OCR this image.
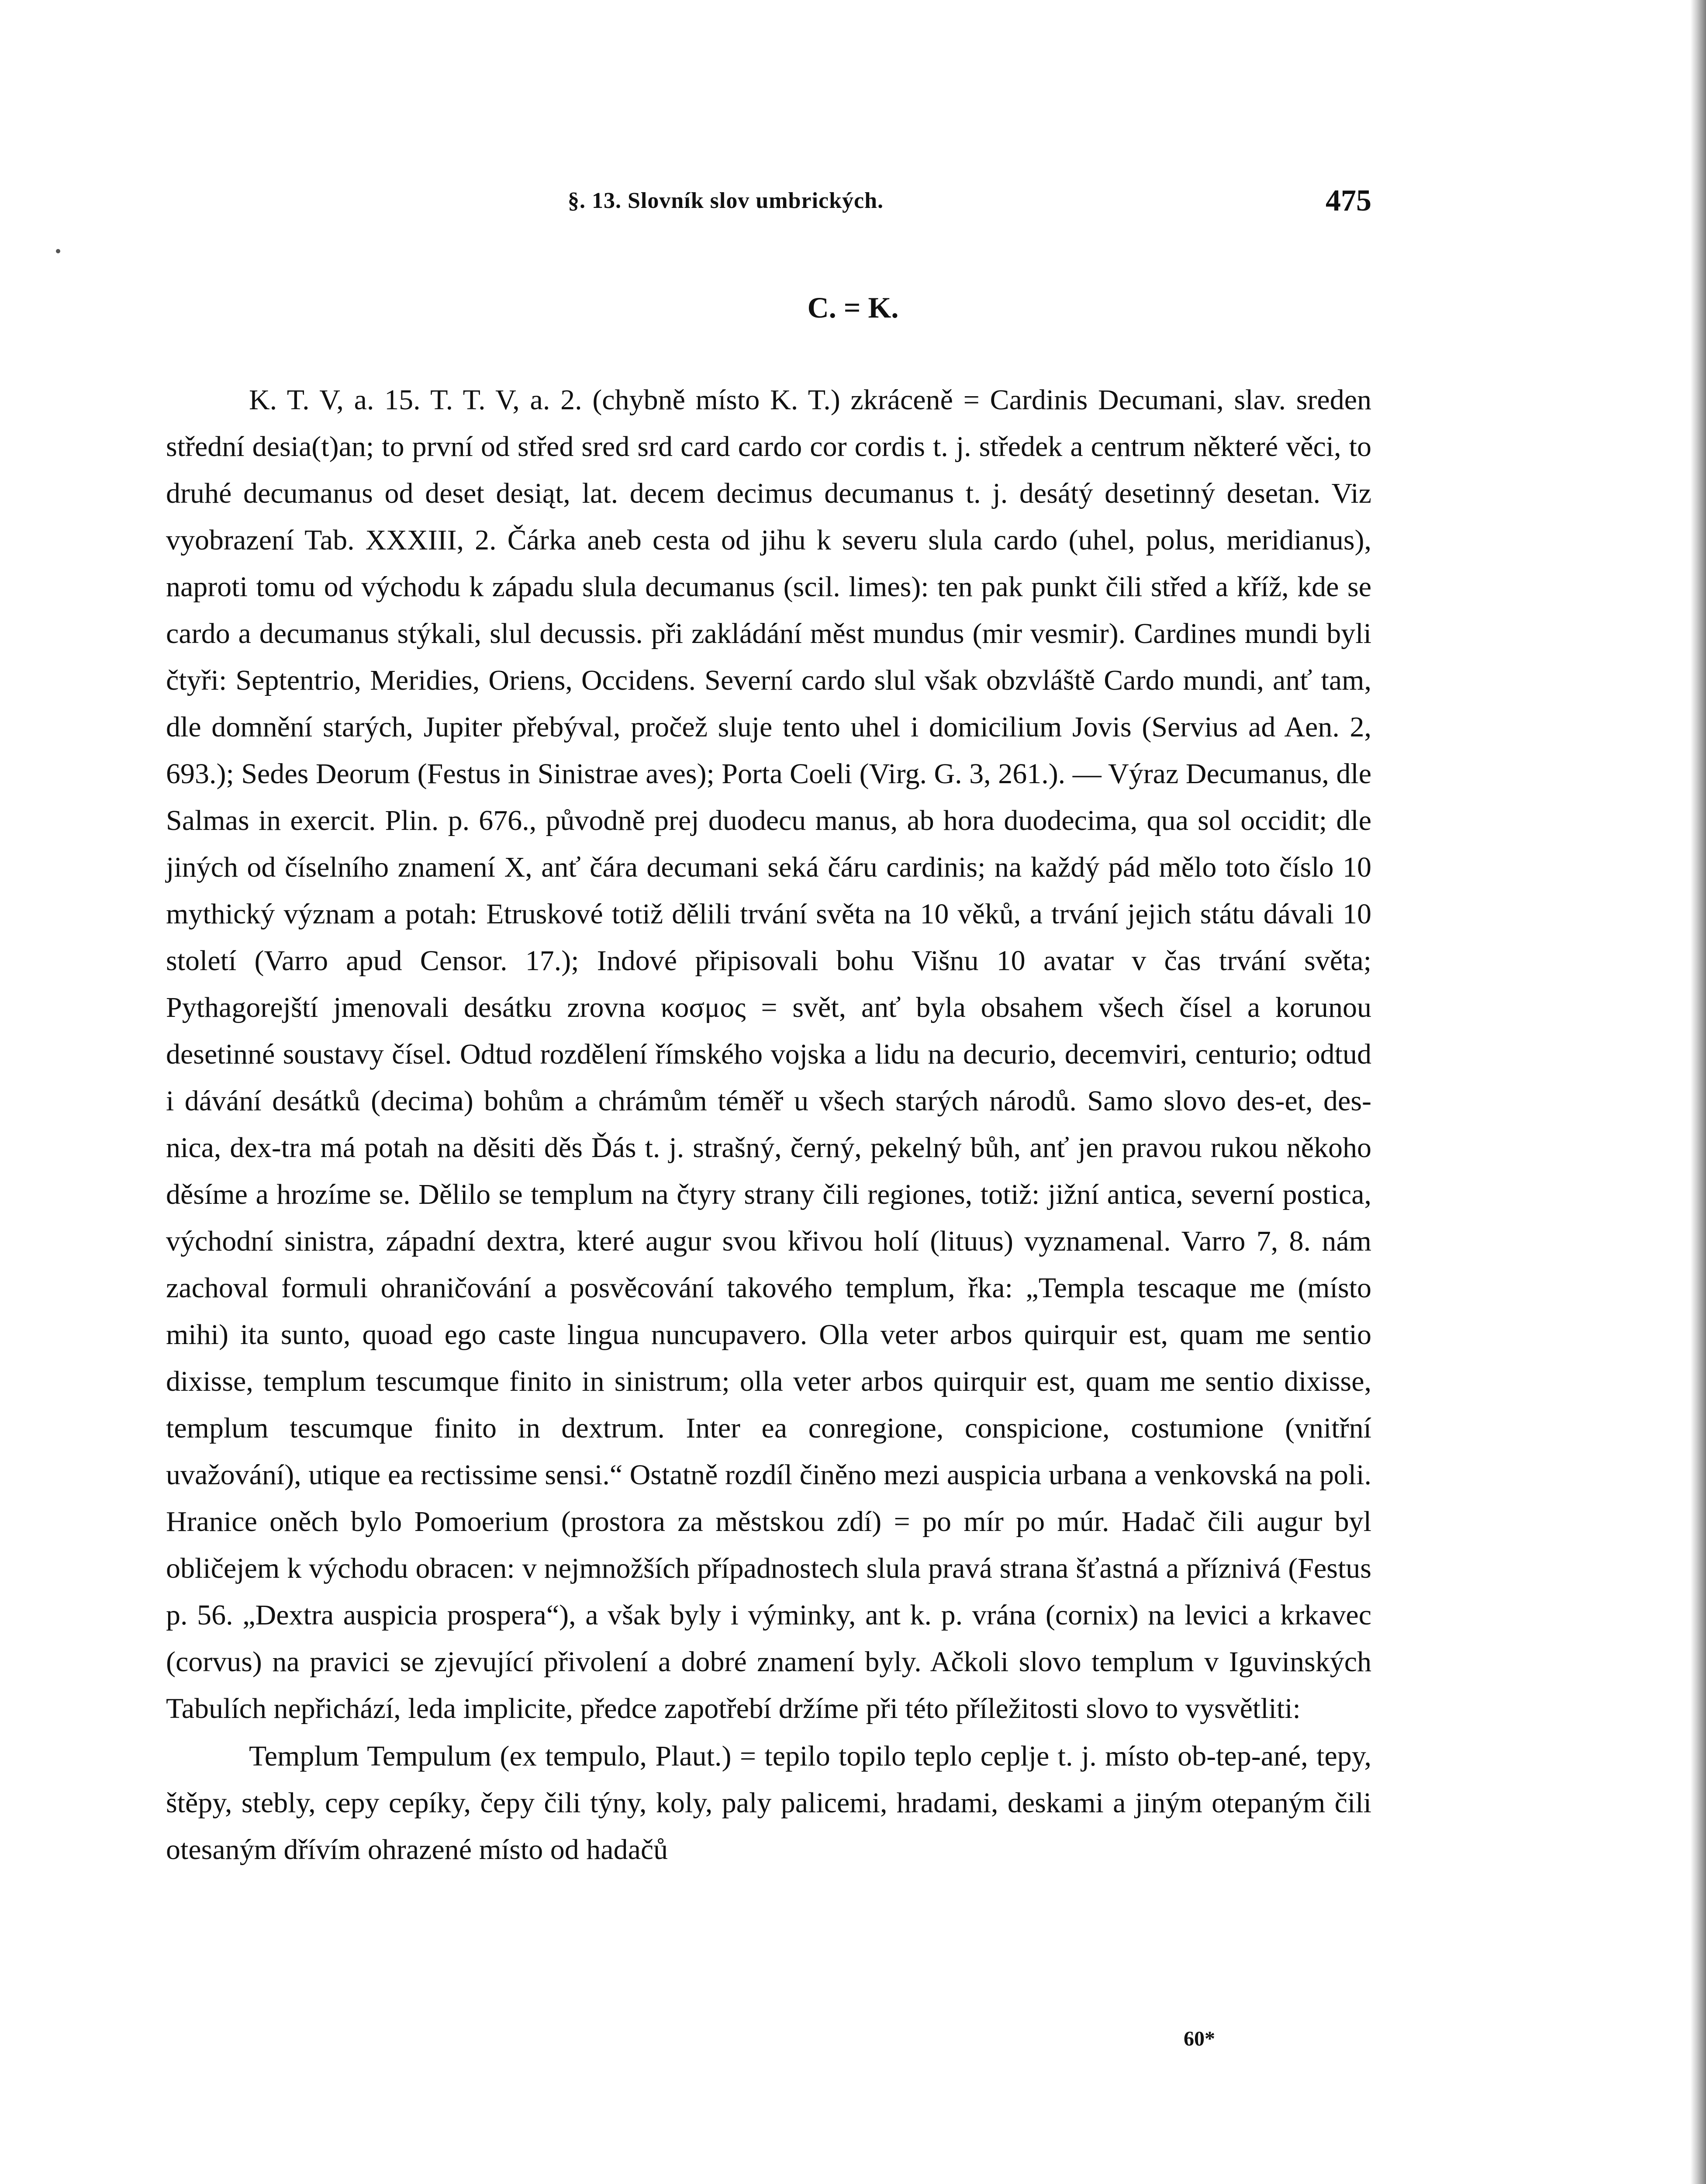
§. 13. Slovník slov umbrických.	475
C. = K.

K. T. V, a. 15. T. T. V, a. 2. (chybně místo K. T.) zkráceně = Cardinis Decumani, slav. sreden střední desia(t)an; to první od střed sred srd card cardo cor cordis t. j. středek a centrum některé věci, to druhé decumanus od deset desiąt, lat. decem decimus decumanus t. j. desátý desetinný desetan. Viz vyobrazení Tab. XXXIII, 2. Čárka aneb cesta od jihu k severu slula cardo (uhel, polus, meridianus), naproti tomu od východu k západu slula decumanus (scil. limes): ten pak punkt čili střed a kříž, kde se cardo a decumanus stýkali, slul decussis. při zakládání měst mundus (mir vesmir). Cardines mundi byli čtyři: Septentrio, Meridies, Oriens, Occidens. Severní cardo slul však obzvláště Cardo mundi, anť tam, dle domnění starých, Jupiter přebýval, pročež sluje tento uhel i domicilium Jovis (Servius ad Aen. 2, 693.); Sedes Deorum (Festus in Sinistrae aves); Porta Coeli (Virg. G. 3, 261.). — Výraz Decumanus, dle Salmas in exercit. Plin. p. 676., původně prej duodecu manus, ab hora duodecima, qua sol occidit; dle jiných od číselního znamení X, anť čára decumani seká čáru cardinis; na každý pád mělo toto číslo 10 mythický význam a potah: Etruskové totiž dělili trvání světa na 10 věků, a trvání jejich státu dávali 10 století (Varro apud Censor. 17.); Indové připisovali bohu Višnu 10 avatar v čas trvání světa; Pythagorejští jmenovali desátku zrovna κοσμος = svět, anť byla obsahem všech čísel a korunou desetinné soustavy čísel. Odtud rozdělení římského vojska a lidu na decurio, decemviri, centurio; odtud i dávání desátků (decima) bohům a chrámům téměř u všech starých národů. Samo slovo des-et, des-nica, dex-tra má potah na děsiti děs Ďás t. j. strašný, černý, pekelný bůh, anť jen pravou rukou někoho děsíme a hrozíme se. Dělilo se templum na čtyry strany čili regiones, totiž: jižní antica, severní postica, východní sinistra, západní dextra, které augur svou křivou holí (lituus) vyznamenal. Varro 7, 8. nám zachoval formuli ohraničování a posvěcování takového templum, řka: „Templa tescaque me (místo mihi) ita sunto, quoad ego caste lingua nuncupavero. Olla veter arbos quirquir est, quam me sentio dixisse, templum tescumque finito in sinistrum; olla veter arbos quirquir est, quam me sentio dixisse, templum tescumque finito in dextrum. Inter ea conregione, conspicione, costumione (vnitřní uvažování), utique ea rectissime sensi.“ Ostatně rozdíl činěno mezi auspicia urbana a venkovská na poli. Hranice oněch bylo Pomoerium (prostora za městskou zdí) = po mír po múr. Hadač čili augur byl obličejem k východu obracen: v nejmnožších případnostech slula pravá strana šťastná a příznivá (Festus p. 56. „Dextra auspicia prospera“), a však byly i výminky, ant k. p. vrána (cornix) na levici a krkavec (corvus) na pravici se zjevující přivolení a dobré znamení byly. Ačkoli slovo templum v Iguvinských Tabulích nepřichází, leda implicite, předce zapotřebí držíme při této příležitosti slovo to vysvětliti:

Templum Tempulum (ex tempulo, Plaut.) = tepilo topilo teplo ceplje t. j. místo ob-tep-ané, tepy, štěpy, stebly, cepy cepíky, čepy čili týny, koly, paly palicemi, hradami, deskami a jiným otepaným čili otesaným dřívím ohrazené místo od hadačů

60*
